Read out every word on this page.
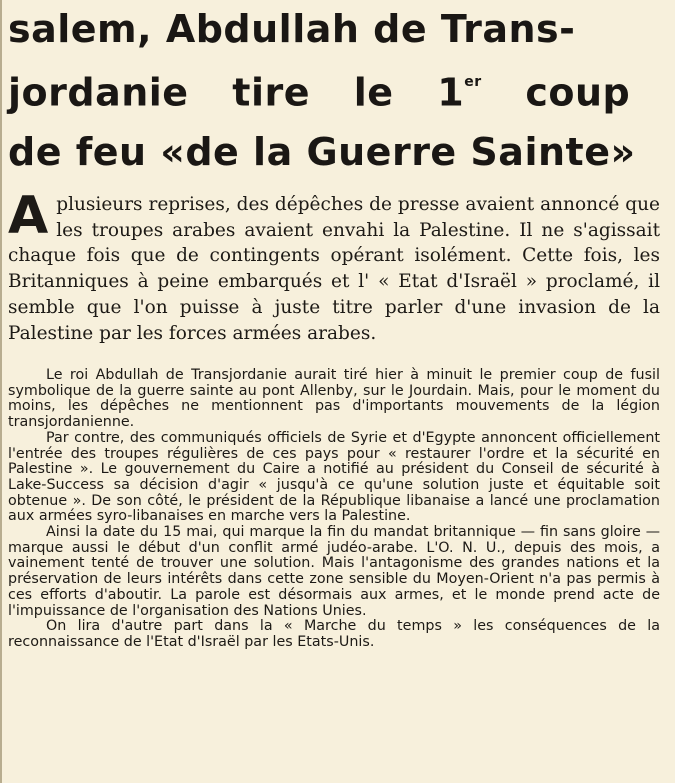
salem, Abdullah de Trans-
jordanie tire le 1er coup
de feu «de la Guerre Sainte»
A plusieurs reprises, des dépêches de presse avaient annoncé que les troupes arabes avaient envahi la Palestine. Il ne s'agissait chaque fois que de contingents opérant isolément. Cette fois, les Britanniques à peine embarqués et l' « Etat d'Israël » proclamé, il semble que l'on puisse à juste titre parler d'une invasion de la Palestine par les forces armées arabes.

Le roi Abdullah de Transjordanie aurait tiré hier à minuit le premier coup de fusil symbolique de la guerre sainte au pont Allenby, sur le Jourdain. Mais, pour le moment du moins, les dépêches ne mentionnent pas d'importants mouvements de la légion transjordanienne.

Par contre, des communiqués officiels de Syrie et d'Egypte annoncent officiellement l'entrée des troupes régulières de ces pays pour « restaurer l'ordre et la sécurité en Palestine ». Le gouvernement du Caire a notifié au président du Conseil de sécurité à Lake-Success sa décision d'agir « jusqu'à ce qu'une solution juste et équitable soit obtenue ». De son côté, le président de la République libanaise a lancé une proclamation aux armées syro-libanaises en marche vers la Palestine.

Ainsi la date du 15 mai, qui marque la fin du mandat britannique — fin sans gloire — marque aussi le début d'un conflit armé judéo-arabe. L'O. N. U., depuis des mois, a vainement tenté de trouver une solution. Mais l'antagonisme des grandes nations et la préservation de leurs intérêts dans cette zone sensible du Moyen-Orient n'a pas permis à ces efforts d'aboutir. La parole est désormais aux armes, et le monde prend acte de l'impuissance de l'organisation des Nations Unies.

On lira d'autre part dans la « Marche du temps » les conséquences de la reconnaissance de l'Etat d'Israël par les Etats-Unis.
